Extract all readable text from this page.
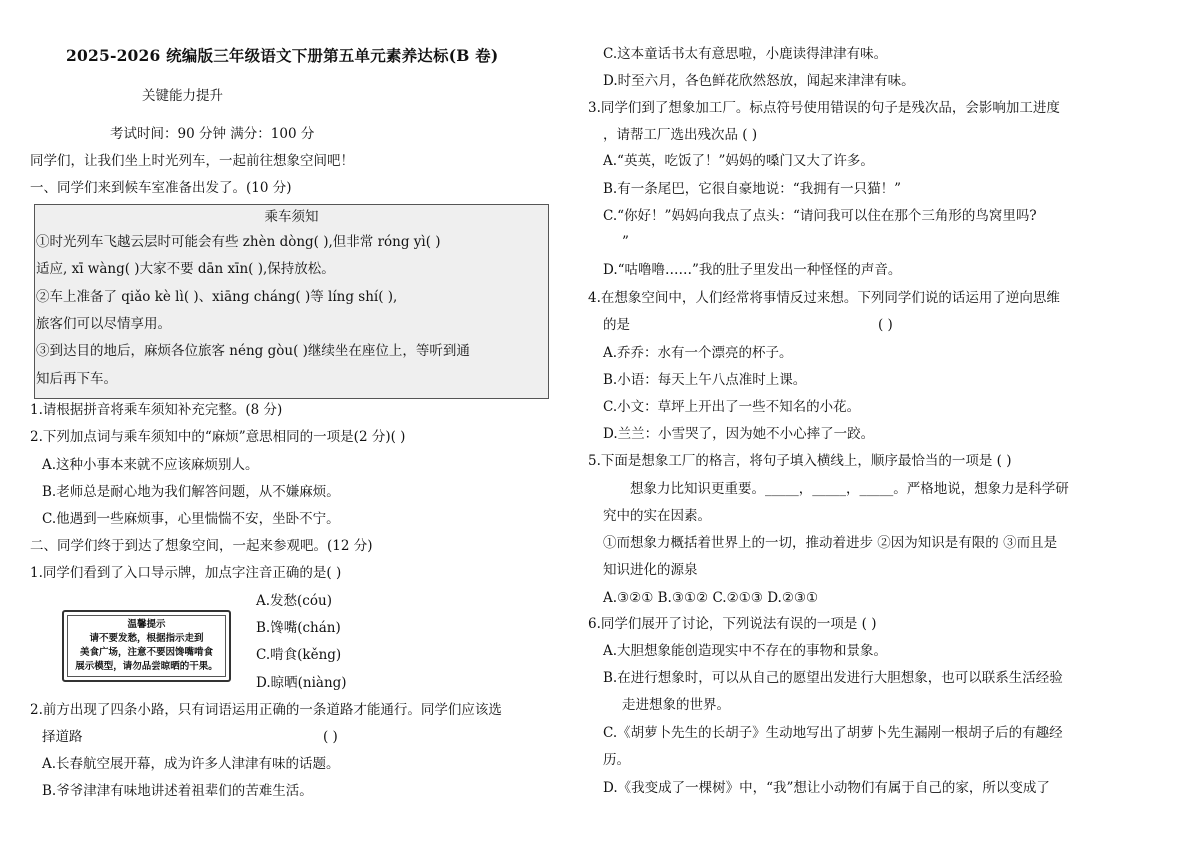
2025-2026 统编版三年级语文下册第五单元素养达标(B 卷)
关键能力提升
考试时间：90 分钟 满分：100 分
同学们，让我们坐上时光列车，一起前往想象空间吧！
一、同学们来到候车室准备出发了。(10 分)
乘车须知
①时光列车飞越云层时可能会有些 zhèn dòng( ),但非常 róng yì( )
适应, xī wàng( )大家不要 dān xīn( ),保持放松。
②车上准备了 qiǎo kè lì( )、xiāng cháng( )等 líng shí( ),
旅客们可以尽情享用。
③到达目的地后，麻烦各位旅客 néng gòu( )继续坐在座位上，等听到通
知后再下车。
1.请根据拼音将乘车须知补充完整。(8 分)
2.下列加点词与乘车须知中的“麻烦”意思相同的一项是(2 分)( )
A.这种小事本来就不应该麻烦别人。
B.老师总是耐心地为我们解答问题，从不嫌麻烦。
C.他遇到一些麻烦事，心里惴惴不安，坐卧不宁。
二、同学们终于到达了想象空间，一起来参观吧。(12 分)
1.同学们看到了入口导示牌，加点字注音正确的是( )
温馨提示
请不要发愁，根据指示走到
美食广场，注意不要因馋嘴啃食
展示模型，请勿品尝晾晒的干果。
A.发愁(cóu)
B.馋嘴(chán)
C.啃食(kěng)
D.晾晒(niàng)
2.前方出现了四条小路，只有词语运用正确的一条道路才能通行。同学们应该选
择道路	( )
A.长春航空展开幕，成为许多人津津有味的话题。
B.爷爷津津有味地讲述着祖辈们的苦难生活。
C.这本童话书太有意思啦，小鹿读得津津有味。
D.时至六月，各色鲜花欣然怒放，闻起来津津有味。
3.同学们到了想象加工厂。标点符号使用错误的句子是残次品，会影响加工进度
，请帮工厂选出残次品 ( )
A.“英英，吃饭了！”妈妈的嗓门又大了许多。
B.有一条尾巴，它很自豪地说：“我拥有一只猫！”
C.“你好！”妈妈向我点了点头：“请问我可以住在那个三角形的鸟窝里吗?
”
D.“咕噜噜……”我的肚子里发出一种怪怪的声音。
4.在想象空间中，人们经常将事情反过来想。下列同学们说的话运用了逆向思维
的是	( )
A.乔乔：水有一个漂亮的杯子。
B.小语：每天上午八点准时上课。
C.小文：草坪上开出了一些不知名的小花。
D.兰兰：小雪哭了，因为她不小心摔了一跤。
5.下面是想象工厂的格言，将句子填入横线上，顺序最恰当的一项是 ( )
想象力比知识更重要。_____，_____，_____。严格地说，想象力是科学研
究中的实在因素。
①而想象力概括着世界上的一切，推动着进步 ②因为知识是有限的 ③而且是
知识进化的源泉
A.③②① B.③①② C.②①③ D.②③①
6.同学们展开了讨论，下列说法有误的一项是 ( )
A.大胆想象能创造现实中不存在的事物和景象。
B.在进行想象时，可以从自己的愿望出发进行大胆想象，也可以联系生活经验
走进想象的世界。
C.《胡萝卜先生的长胡子》生动地写出了胡萝卜先生漏剐一根胡子后的有趣经
历。
D.《我变成了一棵树》中，“我”想让小动物们有属于自己的家，所以变成了
